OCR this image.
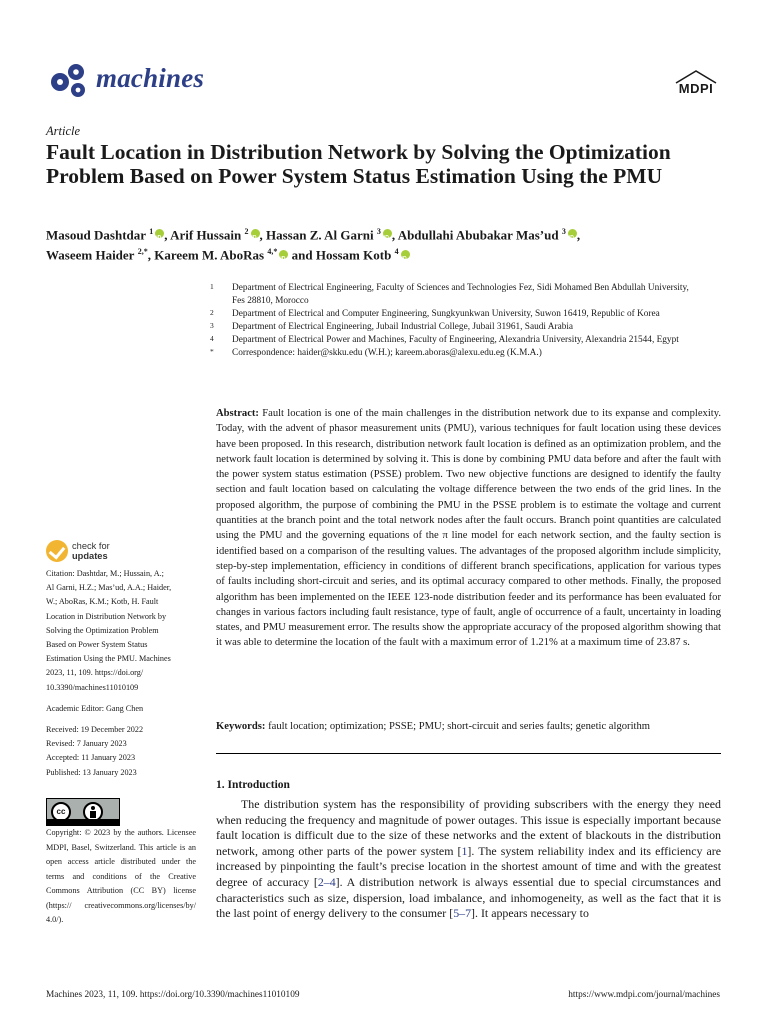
machines	MDPI
Article
Fault Location in Distribution Network by Solving the Optimization Problem Based on Power System Status Estimation Using the PMU
Masoud Dashtdar $^1$ iD , Arif Hussain $^2$ iD , Hassan Z. Al Garni $^3$ iD , Abdullahi Abubakar Mas’ud $^3$ iD ,
Waseem Haider $^{2,*}$, Kareem M. AboRas $^{4,*}$iD and Hossam Kotb $^4$iD
1 Department of Electrical Engineering, Faculty of Sciences and Technologies Fez, Sidi Mohamed Ben Abdullah University, Fes 28810, Morocco
2 Department of Electrical and Computer Engineering, Sungkyunkwan University, Suwon 16419, Republic of Korea
3 Department of Electrical Engineering, Jubail Industrial College, Jubail 31961, Saudi Arabia
4 Department of Electrical Power and Machines, Faculty of Engineering, Alexandria University, Alexandria 21544, Egypt
* Correspondence: haider@skku.edu (W.H.); kareem.aboras@alexu.edu.eg (K.M.A.)
Abstract: Fault location is one of the main challenges in the distribution network due to its expanse and complexity. Today, with the advent of phasor measurement units (PMU), various techniques for fault location using these devices have been proposed. In this research, distribution network fault location is defined as an optimization problem, and the network fault location is determined by solving it. This is done by combining PMU data before and after the fault with the power system status estimation (PSSE) problem. Two new objective functions are designed to identify the faulty section and fault location based on calculating the voltage difference between the two ends of the grid lines. In the proposed algorithm, the purpose of combining the PMU in the PSSE problem is to estimate the voltage and current quantities at the branch point and the total network nodes after the fault occurs. Branch point quantities are calculated using the PMU and the governing equations of the π line model for each network section, and the faulty section is identified based on a comparison of the resulting values. The advantages of the proposed algorithm include simplicity, step-by-step implementation, efficiency in conditions of different branch specifications, application for various types of faults including short-circuit and series, and its optimal accuracy compared to other methods. Finally, the proposed algorithm has been implemented on the IEEE 123-node distribution feeder and its performance has been evaluated for changes in various factors including fault resistance, type of fault, angle of occurrence of a fault, uncertainty in loading states, and PMU measurement error. The results show the appropriate accuracy of the proposed algorithm showing that it was able to determine the location of the fault with a maximum error of 1.21% at a maximum time of 23.87 s.
Keywords: fault location; optimization; PSSE; PMU; short-circuit and series faults; genetic algorithm
1. Introduction
The distribution system has the responsibility of providing subscribers with the energy they need when reducing the frequency and magnitude of power outages. This issue is especially important because fault location is difficult due to the size of these networks and the extent of blackouts in the distribution network, among other parts of the power system [1]. The system reliability index and its efficiency are increased by pinpointing the fault’s precise location in the shortest amount of time and with the greatest degree of accuracy [2–4]. A distribution network is always essential due to special circumstances and characteristics such as size, dispersion, load imbalance, and inhomogeneity, as well as the fact that it is the last point of energy delivery to the consumer [5–7]. It appears necessary to
check for
updates
Citation: Dashtdar, M.; Hussain, A.;
Al Garni, H.Z.; Mas’ud, A.A.; Haider,
W.; AboRas, K.M.; Kotb, H. Fault
Location in Distribution Network by
Solving the Optimization Problem
Based on Power System Status
Estimation Using the PMU. Machines
2023, 11, 109. https://doi.org/
10.3390/machines11010109
Academic Editor: Gang Chen
Received: 19 December 2022
Revised: 7 January 2023
Accepted: 11 January 2023
Published: 13 January 2023
cc
Copyright: © 2023 by the authors. Licensee MDPI, Basel, Switzerland. This article is an open access article distributed under the terms and conditions of the Creative Commons Attribution (CC BY) license (https:// creativecommons.org/licenses/by/ 4.0/).
Machines 2023, 11, 109. https://doi.org/10.3390/machines11010109	https://www.mdpi.com/journal/machines
